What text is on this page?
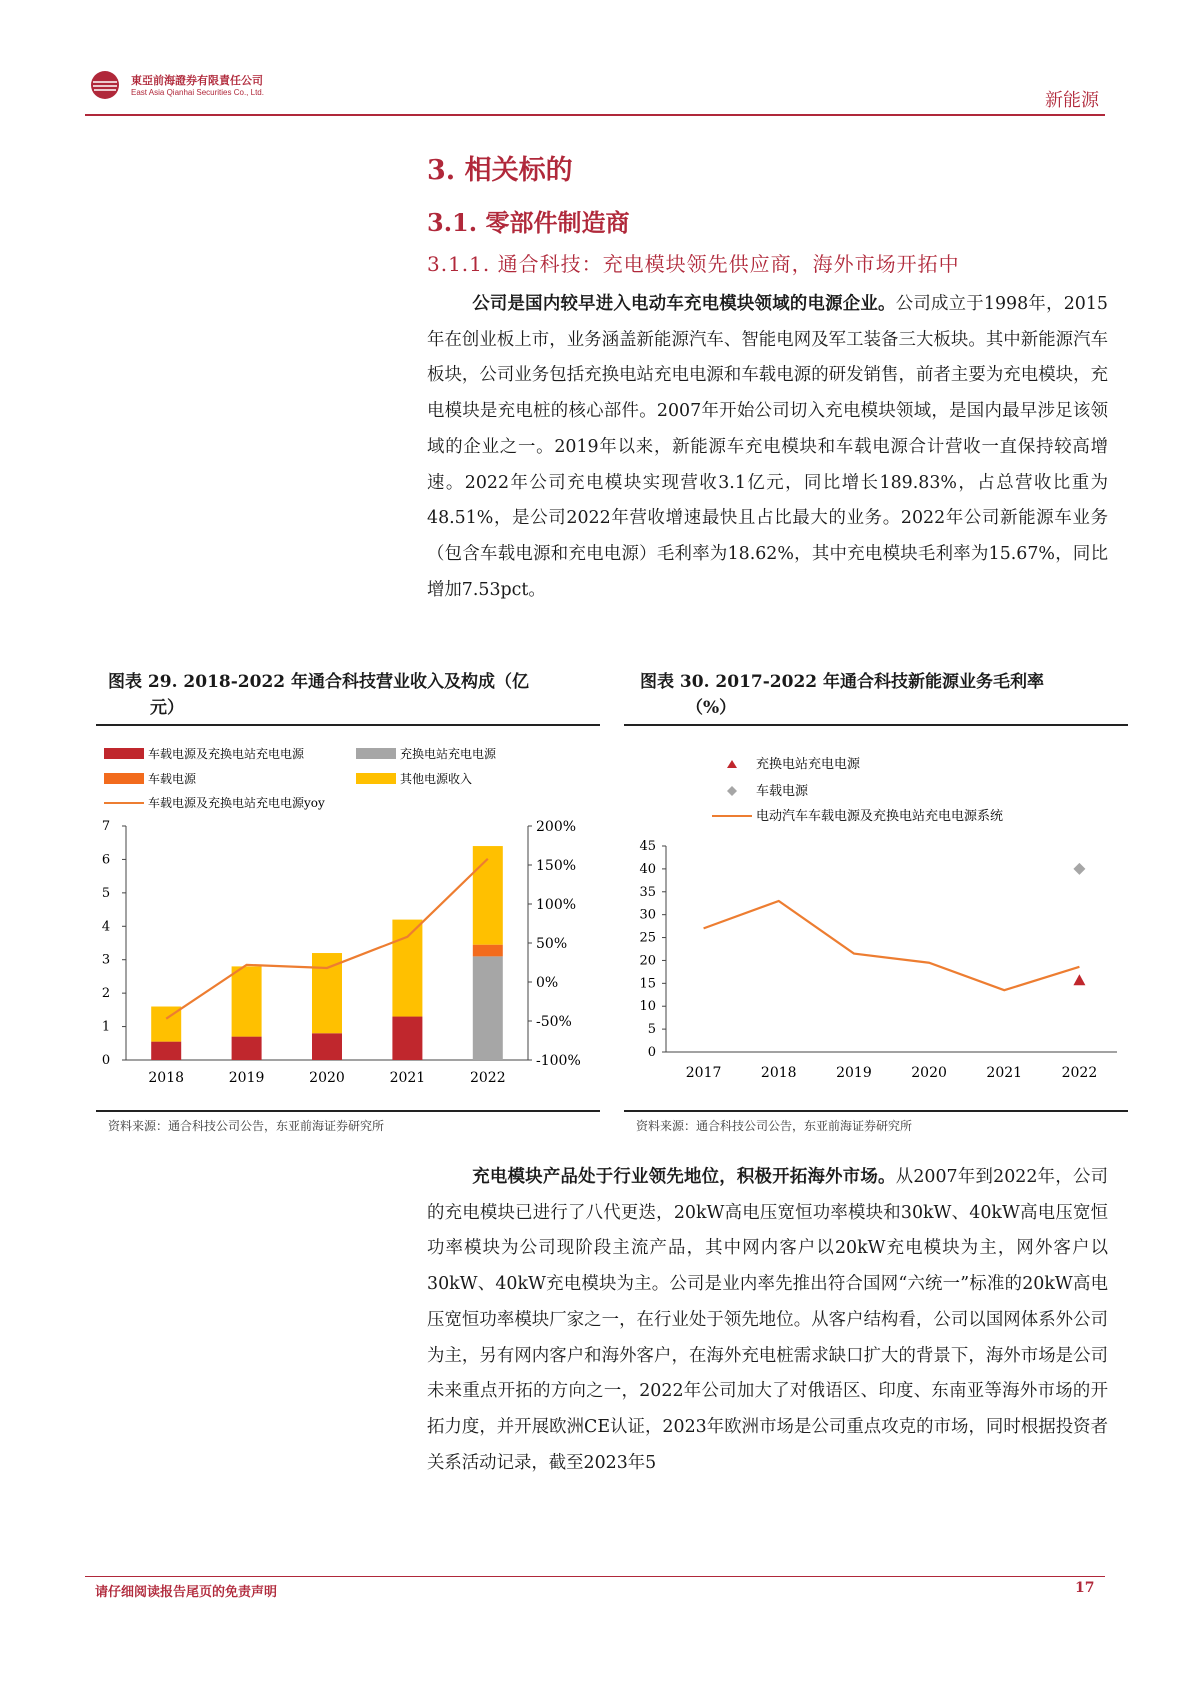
東亞前海證券有限責任公司
East Asia Qianhai Securities Co., Ltd.	新能源
3. 相关标的
3.1. 零部件制造商
3.1.1. 通合科技：充电模块领先供应商，海外市场开拓中

公司是国内较早进入电动车充电模块领域的电源企业。公司成立于1998年，2015年在创业板上市，业务涵盖新能源汽车、智能电网及军工装备三大板块。其中新能源汽车板块，公司业务包括充换电站充电电源和车载电源的研发销售，前者主要为充电模块，充电模块是充电桩的核心部件。2007年开始公司切入充电模块领域，是国内最早涉足该领域的企业之一。2019年以来，新能源车充电模块和车载电源合计营收一直保持较高增速。2022年公司充电模块实现营收3.1亿元，同比增长189.83%，占总营收比重为48.51%，是公司2022年营收增速最快且占比最大的业务。2022年公司新能源车业务（包含车载电源和充电电源）毛利率为18.62%，其中充电模块毛利率为15.67%，同比增加7.53pct。

图表 29. 2018-2022 年通合科技营业收入及构成（亿
元）
车载电源及充换电站充电电源	充换电站充电电源
车载电源	其他电源收入
车载电源及充换电站充电电源yoy
0
1
2
3
4
5
6
7
-100%
-50%
0%
50%
100%
150%
200%
2018	2019	2020	2021	2022
资料来源：通合科技公司公告，东亚前海证券研究所
图表 30. 2017-2022 年通合科技新能源业务毛利率
（%）
充换电站充电电源
车载电源
电动汽车车载电源及充换电站充电电源系统
0
5
10
15
20
25
30
35
40
45
2017	2018	2019	2020	2021	2022
资料来源：通合科技公司公告，东亚前海证券研究所

充电模块产品处于行业领先地位，积极开拓海外市场。从2007年到2022年，公司的充电模块已进行了八代更迭，20kW高电压宽恒功率模块和30kW、40kW高电压宽恒功率模块为公司现阶段主流产品，其中网内客户以20kW充电模块为主，网外客户以30kW、40kW充电模块为主。公司是业内率先推出符合国网“六统一”标准的20kW高电压宽恒功率模块厂家之一，在行业处于领先地位。从客户结构看，公司以国网体系外公司为主，另有网内客户和海外客户，在海外充电桩需求缺口扩大的背景下，海外市场是公司未来重点开拓的方向之一，2022年公司加大了对俄语区、印度、东南亚等海外市场的开拓力度，并开展欧洲CE认证，2023年欧洲市场是公司重点攻克的市场，同时根据投资者关系活动记录，截至2023年5

请仔细阅读报告尾页的免责声明	17
